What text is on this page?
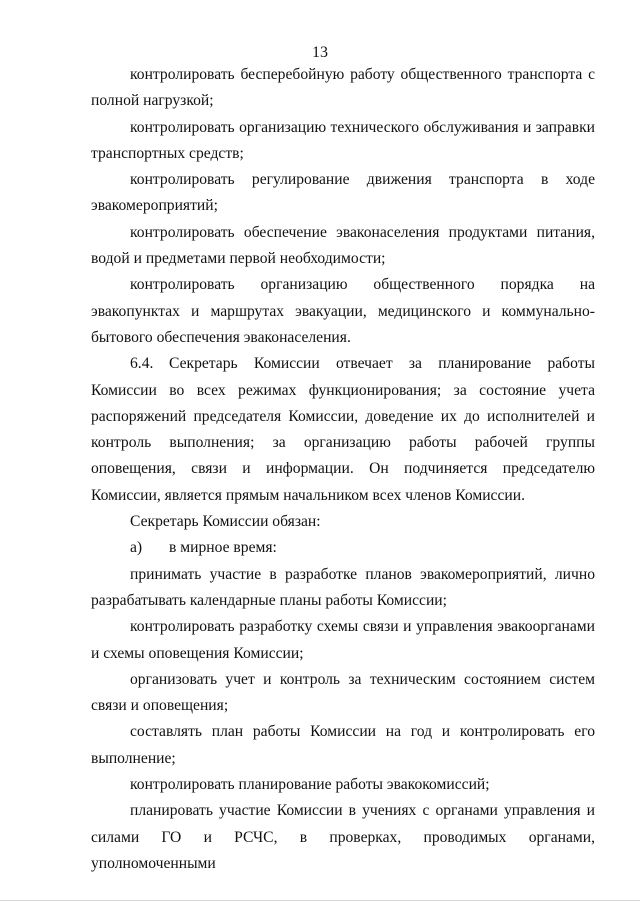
13

контролировать бесперебойную работу общественного транспорта с полной нагрузкой;

контролировать организацию технического обслуживания и заправки транспортных средств;

контролировать регулирование движения транспорта в ходе эвакомероприятий;

контролировать обеспечение эваконаселения продуктами питания, водой и предметами первой необходимости;

контролировать организацию общественного порядка на эвакопунктах и маршрутах эвакуации, медицинского и коммунально-бытового обеспечения эваконаселения.

6.4. Секретарь Комиссии отвечает за планирование работы Комиссии во всех режимах функционирования; за состояние учета распоряжений председателя Комиссии, доведение их до исполнителей и контроль выполнения; за организацию работы рабочей группы оповещения, связи и информации. Он подчиняется председателю Комиссии, является прямым начальником всех членов Комиссии.

Секретарь Комиссии обязан:

а) в мирное время:

принимать участие в разработке планов эвакомероприятий, лично разрабатывать календарные планы работы Комиссии;

контролировать разработку схемы связи и управления эвакоорганами и схемы оповещения Комиссии;

организовать учет и контроль за техническим состоянием систем связи и оповещения;

составлять план работы Комиссии на год и контролировать его выполнение;

контролировать планирование работы эвакокомиссий;

планировать участие Комиссии в учениях с органами управления и силами ГО и РСЧС, в проверках, проводимых органами, уполномоченными
